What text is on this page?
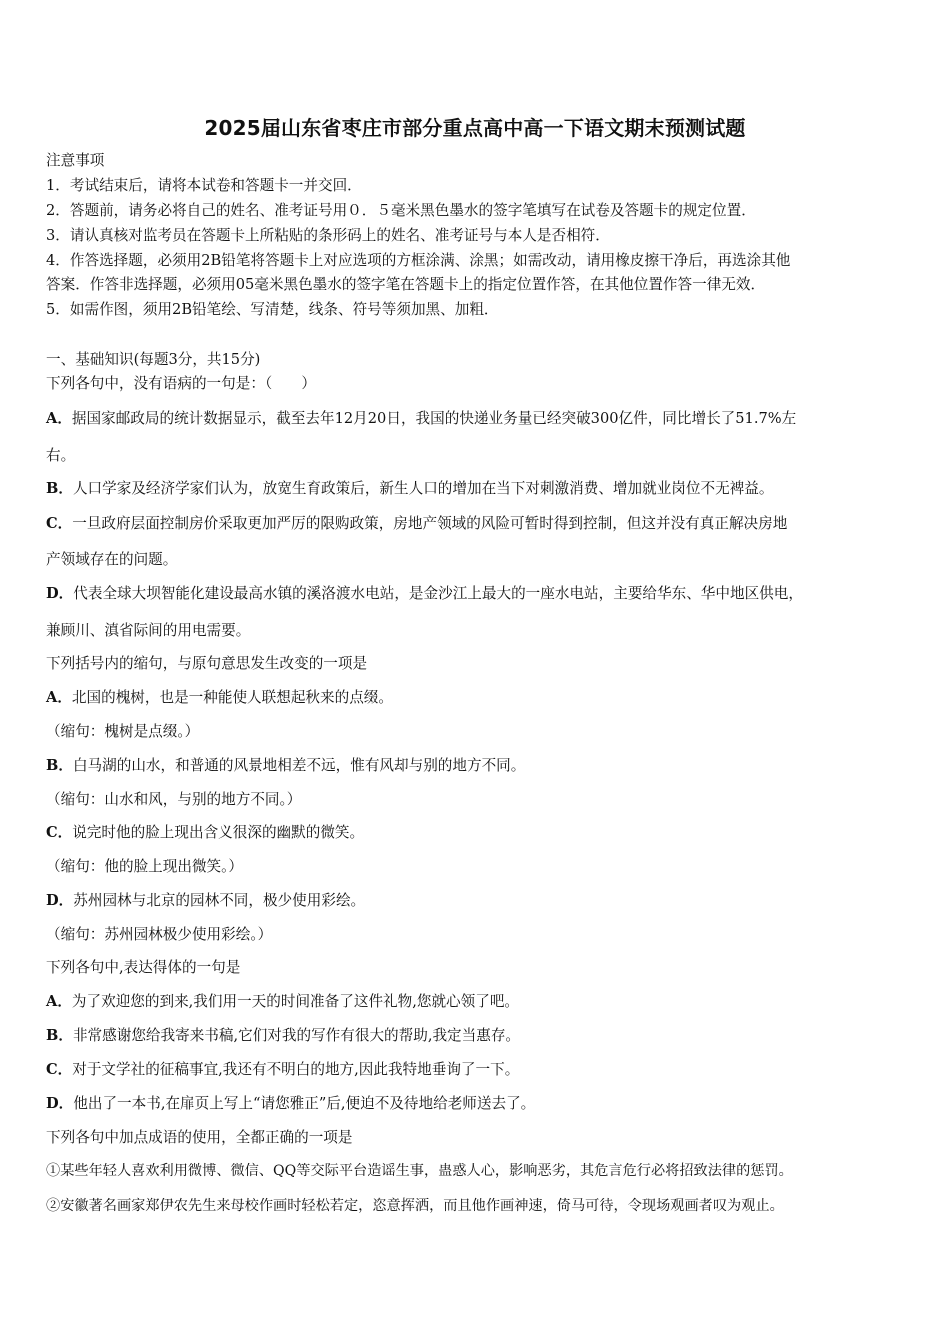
2025届山东省枣庄市部分重点高中高一下语文期末预测试题
注意事项
1．考试结束后，请将本试卷和答题卡一并交回．
2．答题前，请务必将自己的姓名、准考证号用０．５毫米黑色墨水的签字笔填写在试卷及答题卡的规定位置．
3．请认真核对监考员在答题卡上所粘贴的条形码上的姓名、准考证号与本人是否相符．
4．作答选择题，必须用2B铅笔将答题卡上对应选项的方框涂满、涂黑；如需改动，请用橡皮擦干净后，再选涂其他
答案．作答非选择题，必须用05毫米黑色墨水的签字笔在答题卡上的指定位置作答，在其他位置作答一律无效．
5．如需作图，须用2B铅笔绘、写清楚，线条、符号等须加黑、加粗．
一、基础知识(每题3分，共15分)
下列各句中，没有语病的一句是：（　　）
A．据国家邮政局的统计数据显示，截至去年12月20日，我国的快递业务量已经突破300亿件，同比增长了51.7%左
右。
B．人口学家及经济学家们认为，放宽生育政策后，新生人口的增加在当下对刺激消费、增加就业岗位不无裨益。
C．一旦政府层面控制房价采取更加严厉的限购政策，房地产领域的风险可暂时得到控制，但这并没有真正解决房地
产领域存在的问题。
D．代表全球大坝智能化建设最高水镇的溪洛渡水电站，是金沙江上最大的一座水电站，主要给华东、华中地区供电，
兼顾川、滇省际间的用电需要。
下列括号内的缩句，与原句意思发生改变的一项是
A．北国的槐树，也是一种能使人联想起秋来的点缀。
（缩句：槐树是点缀。）
B．白马湖的山水，和普通的风景地相差不远，惟有风却与别的地方不同。
（缩句：山水和风，与别的地方不同。）
C．说完时他的脸上现出含义很深的幽默的微笑。
（缩句：他的脸上现出微笑。）
D．苏州园林与北京的园林不同，极少使用彩绘。
（缩句：苏州园林极少使用彩绘。）
下列各句中,表达得体的一句是
A．为了欢迎您的到来,我们用一天的时间准备了这件礼物,您就心领了吧。
B．非常感谢您给我寄来书稿,它们对我的写作有很大的帮助,我定当惠存。
C．对于文学社的征稿事宜,我还有不明白的地方,因此我特地垂询了一下。
D．他出了一本书,在扉页上写上“请您雅正”后,便迫不及待地给老师送去了。
下列各句中加点成语的使用，全都正确的一项是
①某些年轻人喜欢利用微博、微信、QQ等交际平台造谣生事，蛊惑人心，影响恶劣，其危言危行必将招致法律的惩罚。
②安徽著名画家郑伊农先生来母校作画时轻松若定，恣意挥洒，而且他作画神速，倚马可待，令现场观画者叹为观止。
